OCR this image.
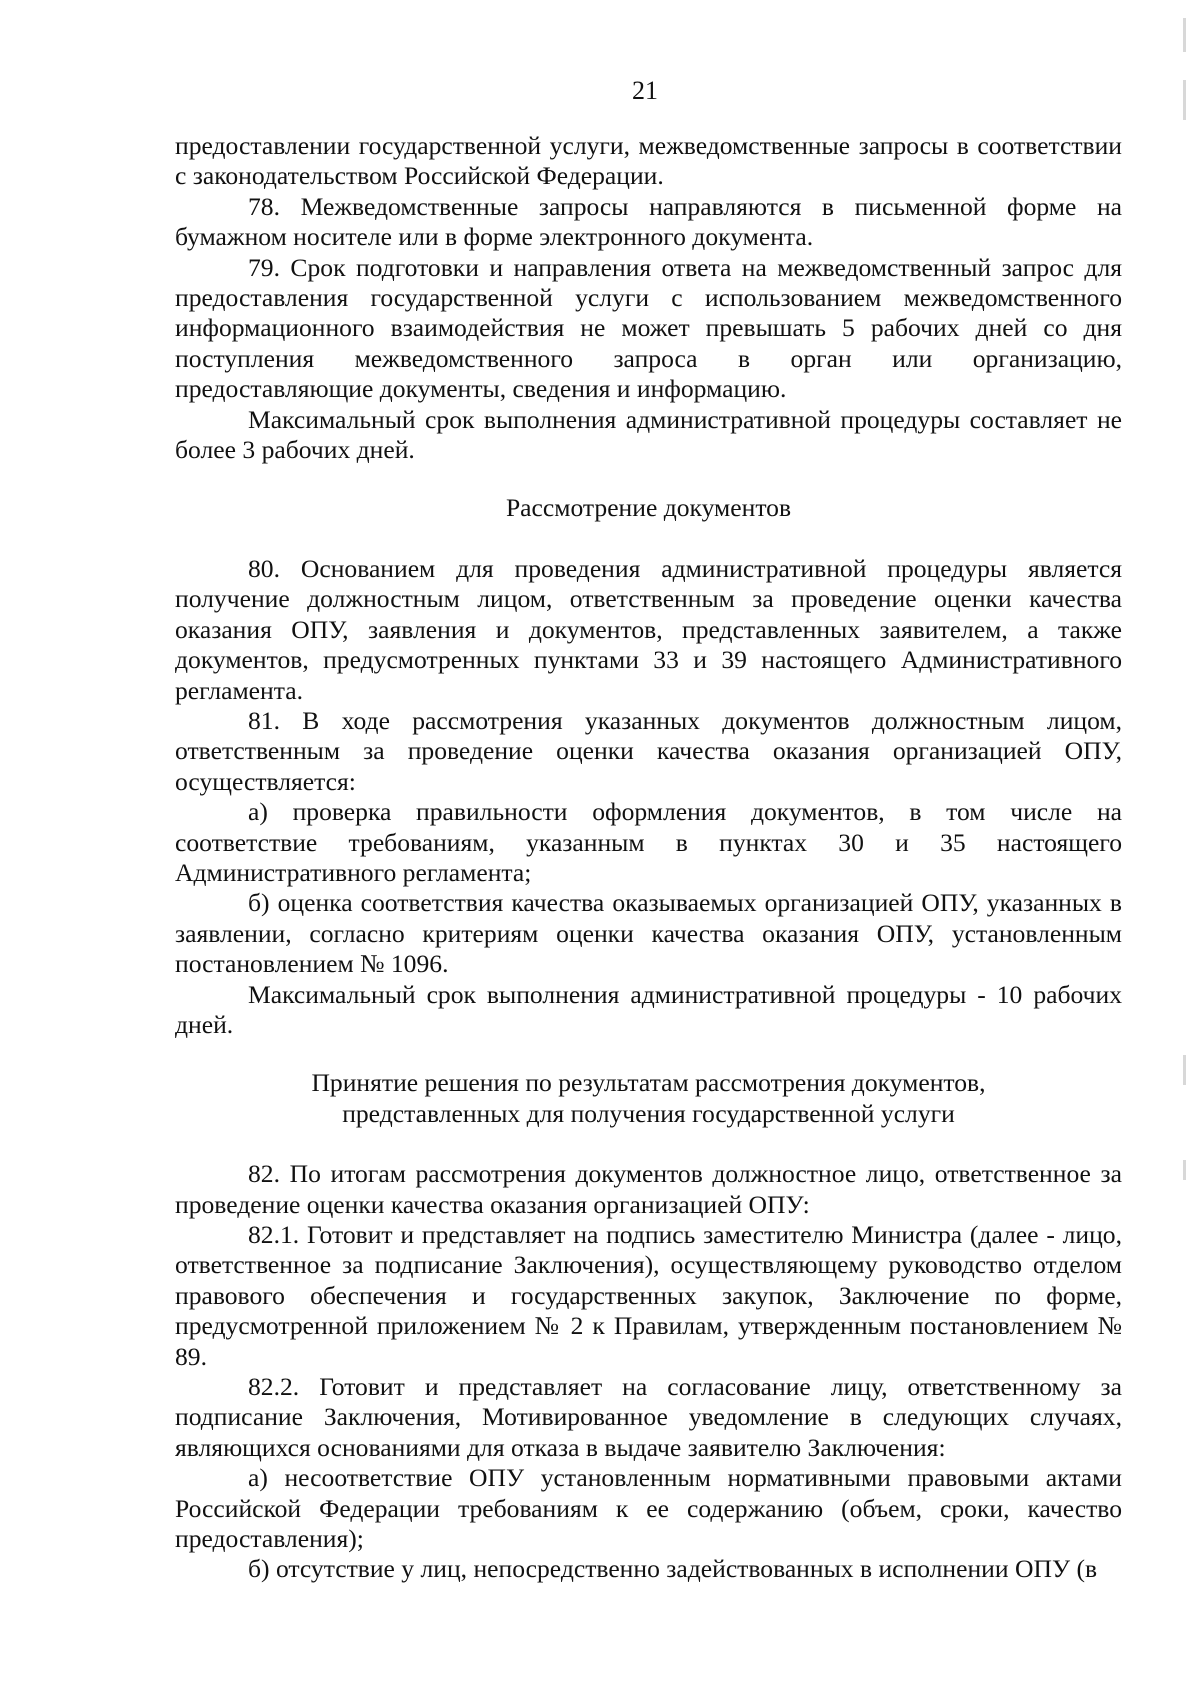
21

предоставлении государственной услуги, межведомственные запросы в соответствии с законодательством Российской Федерации.

78. Межведомственные запросы направляются в письменной форме на бумажном носителе или в форме электронного документа.

79. Срок подготовки и направления ответа на межведомственный запрос для предоставления государственной услуги с использованием межведомственного информационного взаимодействия не может превышать 5 рабочих дней со дня поступления межведомственного запроса в орган или организацию, предоставляющие документы, сведения и информацию.

Максимальный срок выполнения административной процедуры составляет не более 3 рабочих дней.

Рассмотрение документов

80. Основанием для проведения административной процедуры является получение должностным лицом, ответственным за проведение оценки качества оказания ОПУ, заявления и документов, представленных заявителем, а также документов, предусмотренных пунктами 33 и 39 настоящего Административного регламента.

81. В ходе рассмотрения указанных документов должностным лицом, ответственным за проведение оценки качества оказания организацией ОПУ, осуществляется:

а) проверка правильности оформления документов, в том числе на соответствие требованиям, указанным в пунктах 30 и 35 настоящего Административного регламента;

б) оценка соответствия качества оказываемых организацией ОПУ, указанных в заявлении, согласно критериям оценки качества оказания ОПУ, установленным постановлением № 1096.

Максимальный срок выполнения административной процедуры - 10 рабочих дней.

Принятие решения по результатам рассмотрения документов,

представленных для получения государственной услуги

82. По итогам рассмотрения документов должностное лицо, ответственное за проведение оценки качества оказания организацией ОПУ:

82.1. Готовит и представляет на подпись заместителю Министра (далее - лицо, ответственное за подписание Заключения), осуществляющему руководство отделом правового обеспечения и государственных закупок, Заключение по форме, предусмотренной приложением № 2 к Правилам, утвержденным постановлением № 89.

82.2. Готовит и представляет на согласование лицу, ответственному за подписание Заключения, Мотивированное уведомление в следующих случаях, являющихся основаниями для отказа в выдаче заявителю Заключения:

а) несоответствие ОПУ установленным нормативными правовыми актами Российской Федерации требованиям к ее содержанию (объем, сроки, качество предоставления);

б) отсутствие у лиц, непосредственно задействованных в исполнении ОПУ (в
